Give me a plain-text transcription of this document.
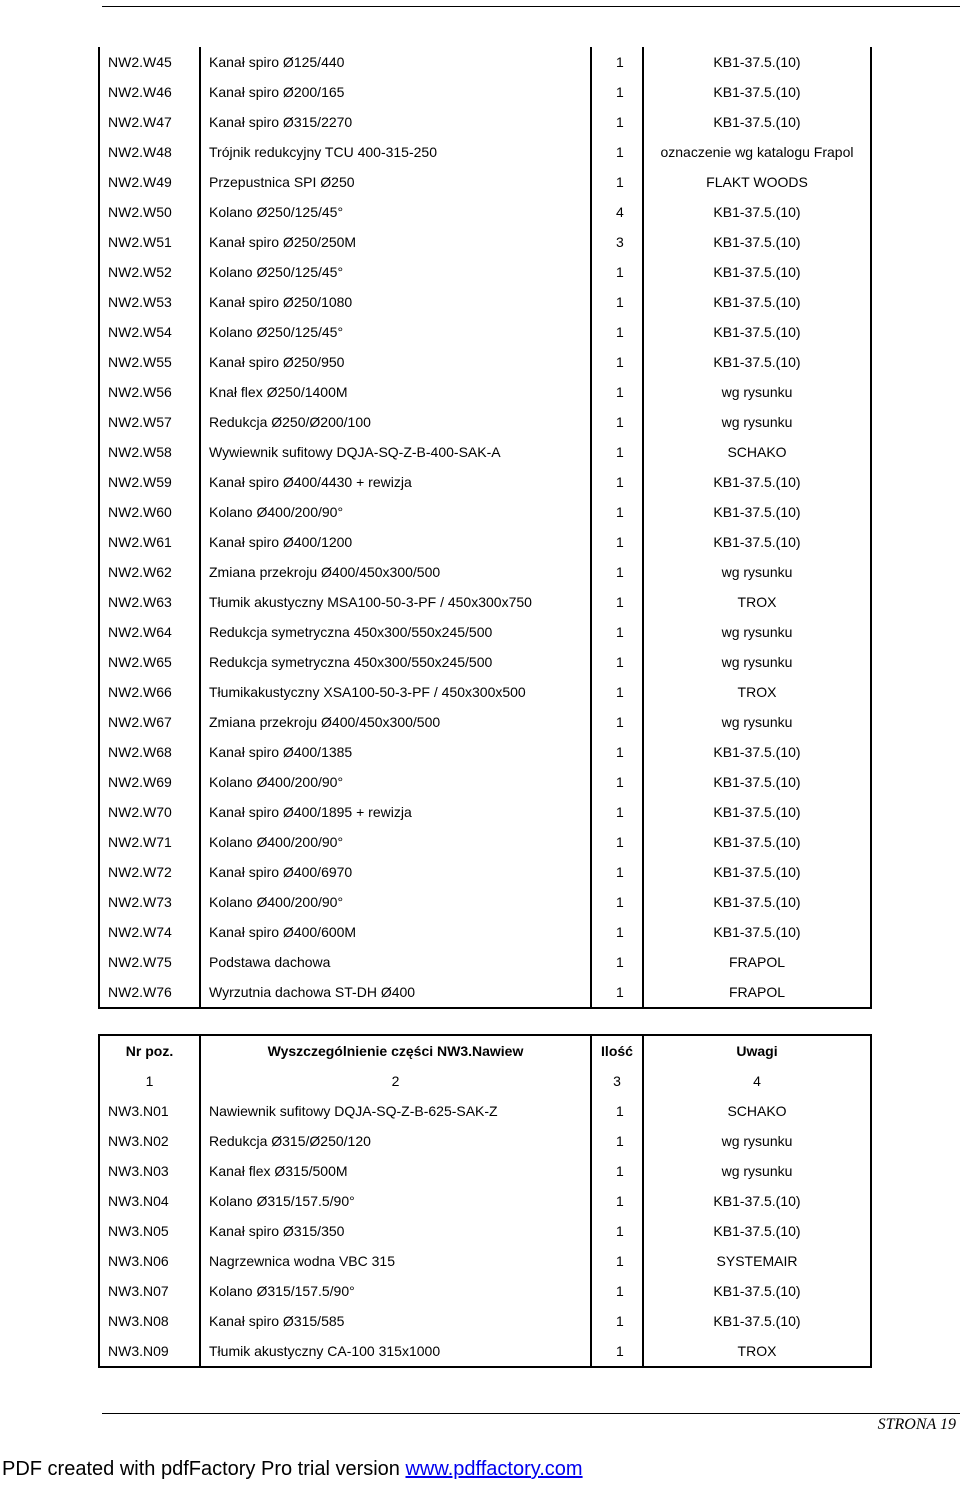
NW2.W45	Kanał spiro Ø125/440	1	KB1-37.5.(10)
NW2.W46	Kanał spiro Ø200/165	1	KB1-37.5.(10)
NW2.W47	Kanał spiro Ø315/2270	1	KB1-37.5.(10)
NW2.W48	Trójnik redukcyjny TCU 400-315-250	1	oznaczenie wg katalogu Frapol
NW2.W49	Przepustnica SPI Ø250	1	FLAKT WOODS
NW2.W50	Kolano Ø250/125/45°	4	KB1-37.5.(10)
NW2.W51	Kanał spiro Ø250/250M	3	KB1-37.5.(10)
NW2.W52	Kolano Ø250/125/45°	1	KB1-37.5.(10)
NW2.W53	Kanał spiro Ø250/1080	1	KB1-37.5.(10)
NW2.W54	Kolano Ø250/125/45°	1	KB1-37.5.(10)
NW2.W55	Kanał spiro Ø250/950	1	KB1-37.5.(10)
NW2.W56	Knał flex Ø250/1400M	1	wg rysunku
NW2.W57	Redukcja Ø250/Ø200/100	1	wg rysunku
NW2.W58	Wywiewnik sufitowy DQJA-SQ-Z-B-400-SAK-A	1	SCHAKO
NW2.W59	Kanał spiro Ø400/4430 + rewizja	1	KB1-37.5.(10)
NW2.W60	Kolano Ø400/200/90°	1	KB1-37.5.(10)
NW2.W61	Kanał spiro Ø400/1200	1	KB1-37.5.(10)
NW2.W62	Zmiana przekroju Ø400/450x300/500	1	wg rysunku
NW2.W63	Tłumik akustyczny MSA100-50-3-PF / 450x300x750	1	TROX
NW2.W64	Redukcja symetryczna 450x300/550x245/500	1	wg rysunku
NW2.W65	Redukcja symetryczna 450x300/550x245/500	1	wg rysunku
NW2.W66	Tłumikakustyczny XSA100-50-3-PF / 450x300x500	1	TROX
NW2.W67	Zmiana przekroju Ø400/450x300/500	1	wg rysunku
NW2.W68	Kanał spiro Ø400/1385	1	KB1-37.5.(10)
NW2.W69	Kolano Ø400/200/90°	1	KB1-37.5.(10)
NW2.W70	Kanał spiro Ø400/1895 + rewizja	1	KB1-37.5.(10)
NW2.W71	Kolano Ø400/200/90°	1	KB1-37.5.(10)
NW2.W72	Kanał spiro Ø400/6970	1	KB1-37.5.(10)
NW2.W73	Kolano Ø400/200/90°	1	KB1-37.5.(10)
NW2.W74	Kanał spiro Ø400/600M	1	KB1-37.5.(10)
NW2.W75	Podstawa dachowa	1	FRAPOL
NW2.W76	Wyrzutnia dachowa ST-DH Ø400	1	FRAPOL
Nr poz.	Wyszczególnienie części NW3.Nawiew	Ilość	Uwagi
1	2	3	4
NW3.N01	Nawiewnik sufitowy DQJA-SQ-Z-B-625-SAK-Z	1	SCHAKO
NW3.N02	Redukcja Ø315/Ø250/120	1	wg rysunku
NW3.N03	Kanał flex Ø315/500M	1	wg rysunku
NW3.N04	Kolano Ø315/157.5/90°	1	KB1-37.5.(10)
NW3.N05	Kanał spiro Ø315/350	1	KB1-37.5.(10)
NW3.N06	Nagrzewnica wodna VBC 315	1	SYSTEMAIR
NW3.N07	Kolano Ø315/157.5/90°	1	KB1-37.5.(10)
NW3.N08	Kanał spiro Ø315/585	1	KB1-37.5.(10)
NW3.N09	Tłumik akustyczny CA-100 315x1000	1	TROX
STRONA 19
PDF created with pdfFactory Pro trial version www.pdffactory.com
